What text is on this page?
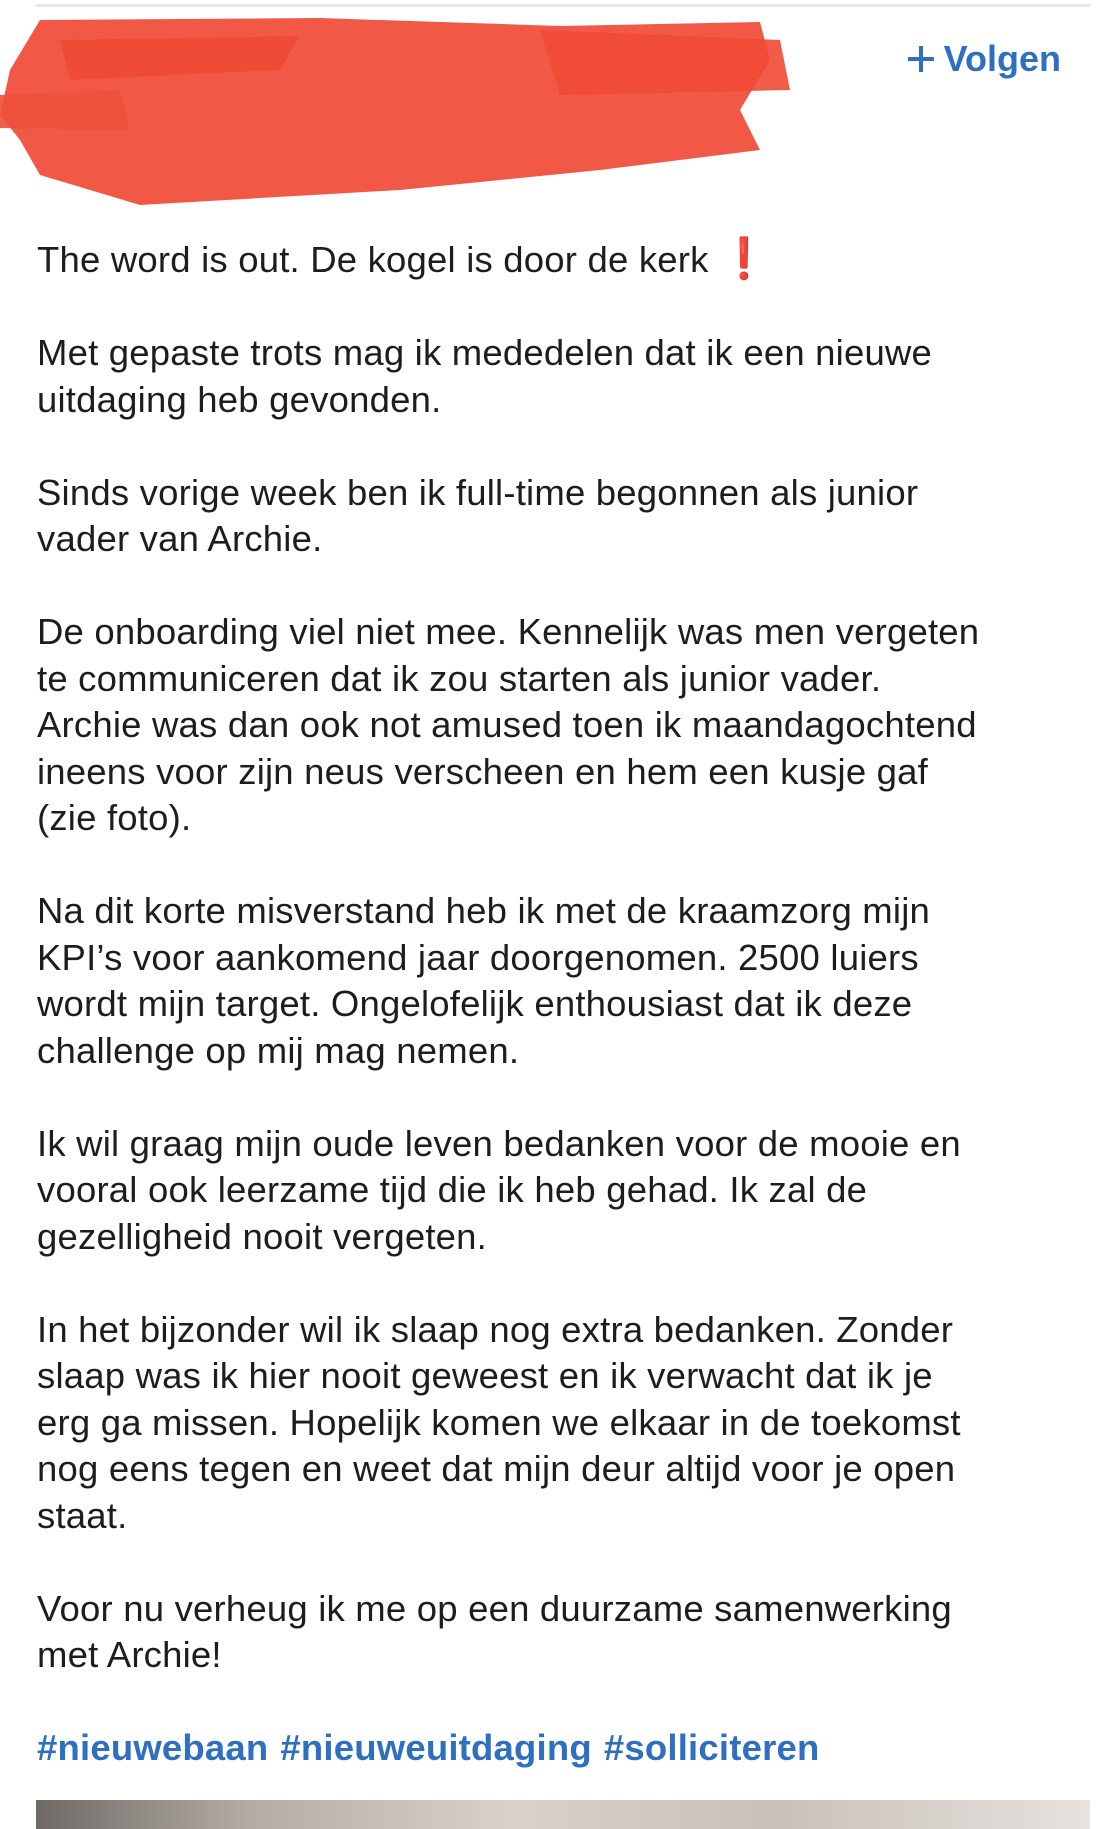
Volgen

The word is out. De kogel is door de kerk ❗

Met gepaste trots mag ik mededelen dat ik een nieuwe
uitdaging heb gevonden.

Sinds vorige week ben ik full-time begonnen als junior
vader van Archie.

De onboarding viel niet mee. Kennelijk was men vergeten
te communiceren dat ik zou starten als junior vader.
Archie was dan ook not amused toen ik maandagochtend
ineens voor zijn neus verscheen en hem een kusje gaf
(zie foto).

Na dit korte misverstand heb ik met de kraamzorg mijn
KPI’s voor aankomend jaar doorgenomen. 2500 luiers
wordt mijn target. Ongelofelijk enthousiast dat ik deze
challenge op mij mag nemen.

Ik wil graag mijn oude leven bedanken voor de mooie en
vooral ook leerzame tijd die ik heb gehad. Ik zal de
gezelligheid nooit vergeten.

In het bijzonder wil ik slaap nog extra bedanken. Zonder
slaap was ik hier nooit geweest en ik verwacht dat ik je
erg ga missen. Hopelijk komen we elkaar in de toekomst
nog eens tegen en weet dat mijn deur altijd voor je open
staat.

Voor nu verheug ik me op een duurzame samenwerking
met Archie!

#nieuwebaan #nieuweuitdaging #solliciteren
